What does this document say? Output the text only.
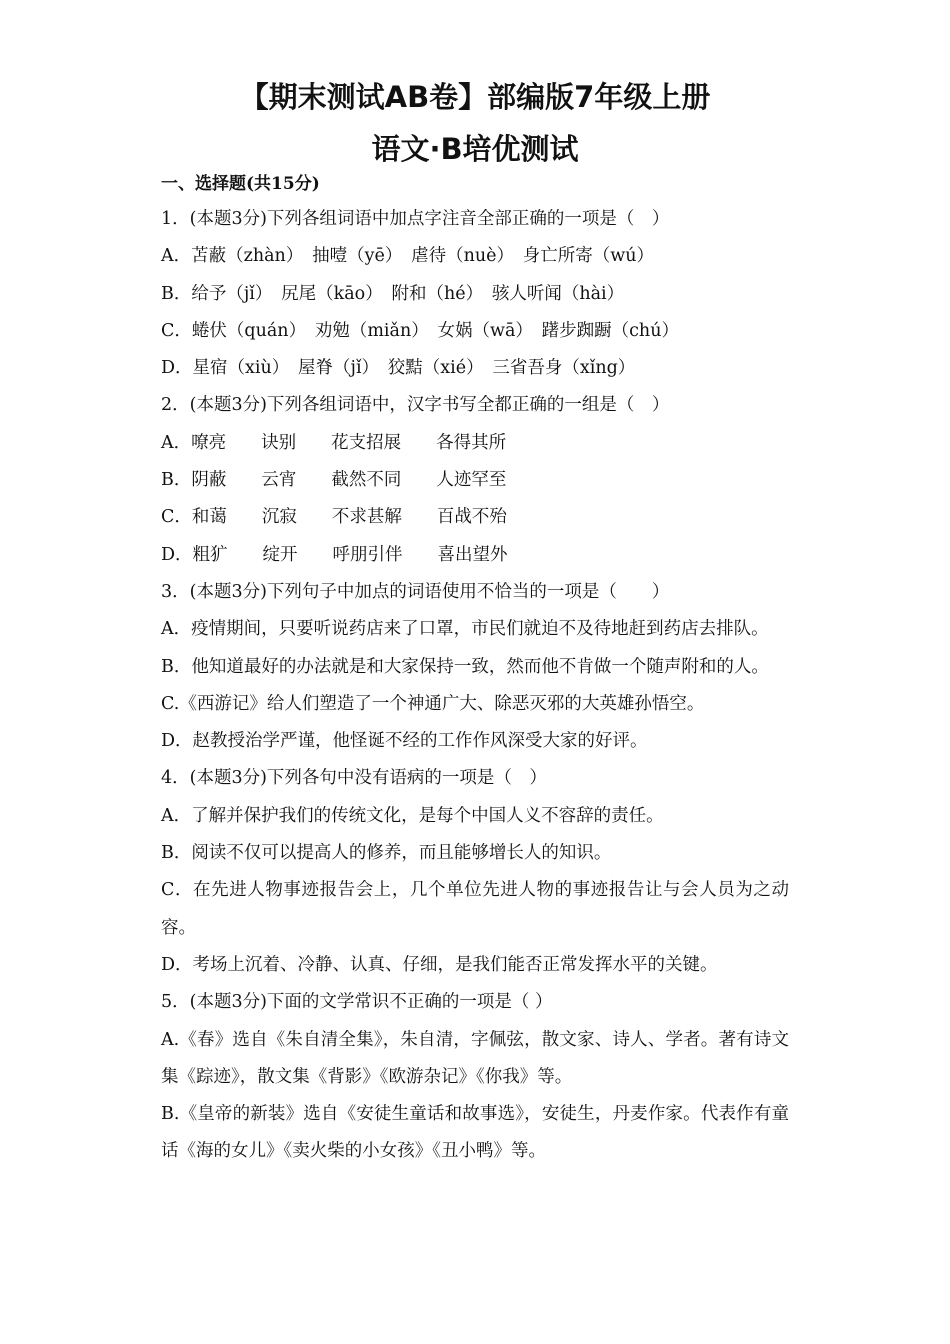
【期末测试AB卷】部编版7年级上册
语文·B培优测试
一、选择题(共15分)
1．(本题3分)下列各组词语中加点字注音全部正确的一项是（　）
A．苫蔽（zhàn）　抽噎（yē）　虐待（nuè）　身亡所寄（wú）
B．给予（jǐ）　尻尾（kāo）　附和（hé）　骇人听闻（hài）
C．蜷伏（quán）　劝勉（miǎn）　女娲（wā）　躇步踟蹰（chú）
D．星宿（xiù）　屋脊（jǐ）　狡黠（xié）　三省吾身（xǐng）
2．(本题3分)下列各组词语中，汉字书写全都正确的一组是（　）
A．嘹亮　　诀别　　花支招展　　各得其所
B．阴蔽　　云宵　　截然不同　　人迹罕至
C．和蔼　　沉寂　　不求甚解　　百战不殆
D．粗犷　　绽开　　呼朋引伴　　喜出望外
3．(本题3分)下列句子中加点的词语使用不恰当的一项是（　　）
A．疫情期间，只要听说药店来了口罩，市民们就迫不及待地赶到药店去排队。
B．他知道最好的办法就是和大家保持一致，然而他不肯做一个随声附和的人。
C.《西游记》给人们塑造了一个神通广大、除恶灭邪的大英雄孙悟空。
D．赵教授治学严谨，他怪诞不经的工作作风深受大家的好评。
4．(本题3分)下列各句中没有语病的一项是（　）
A．了解并保护我们的传统文化，是每个中国人义不容辞的责任。
B．阅读不仅可以提高人的修养，而且能够增长人的知识。
C．在先进人物事迹报告会上，几个单位先进人物的事迹报告让与会人员为之动容。
D．考场上沉着、冷静、认真、仔细，是我们能否正常发挥水平的关键。
5．(本题3分)下面的文学常识不正确的一项是（ ）
A.《春》选自《朱自清全集》，朱自清，字佩弦，散文家、诗人、学者。著有诗文集《踪迹》，散文集《背影》《欧游杂记》《你我》等。
B.《皇帝的新装》选自《安徒生童话和故事选》，安徒生，丹麦作家。代表作有童话《海的女儿》《卖火柴的小女孩》《丑小鸭》等。
